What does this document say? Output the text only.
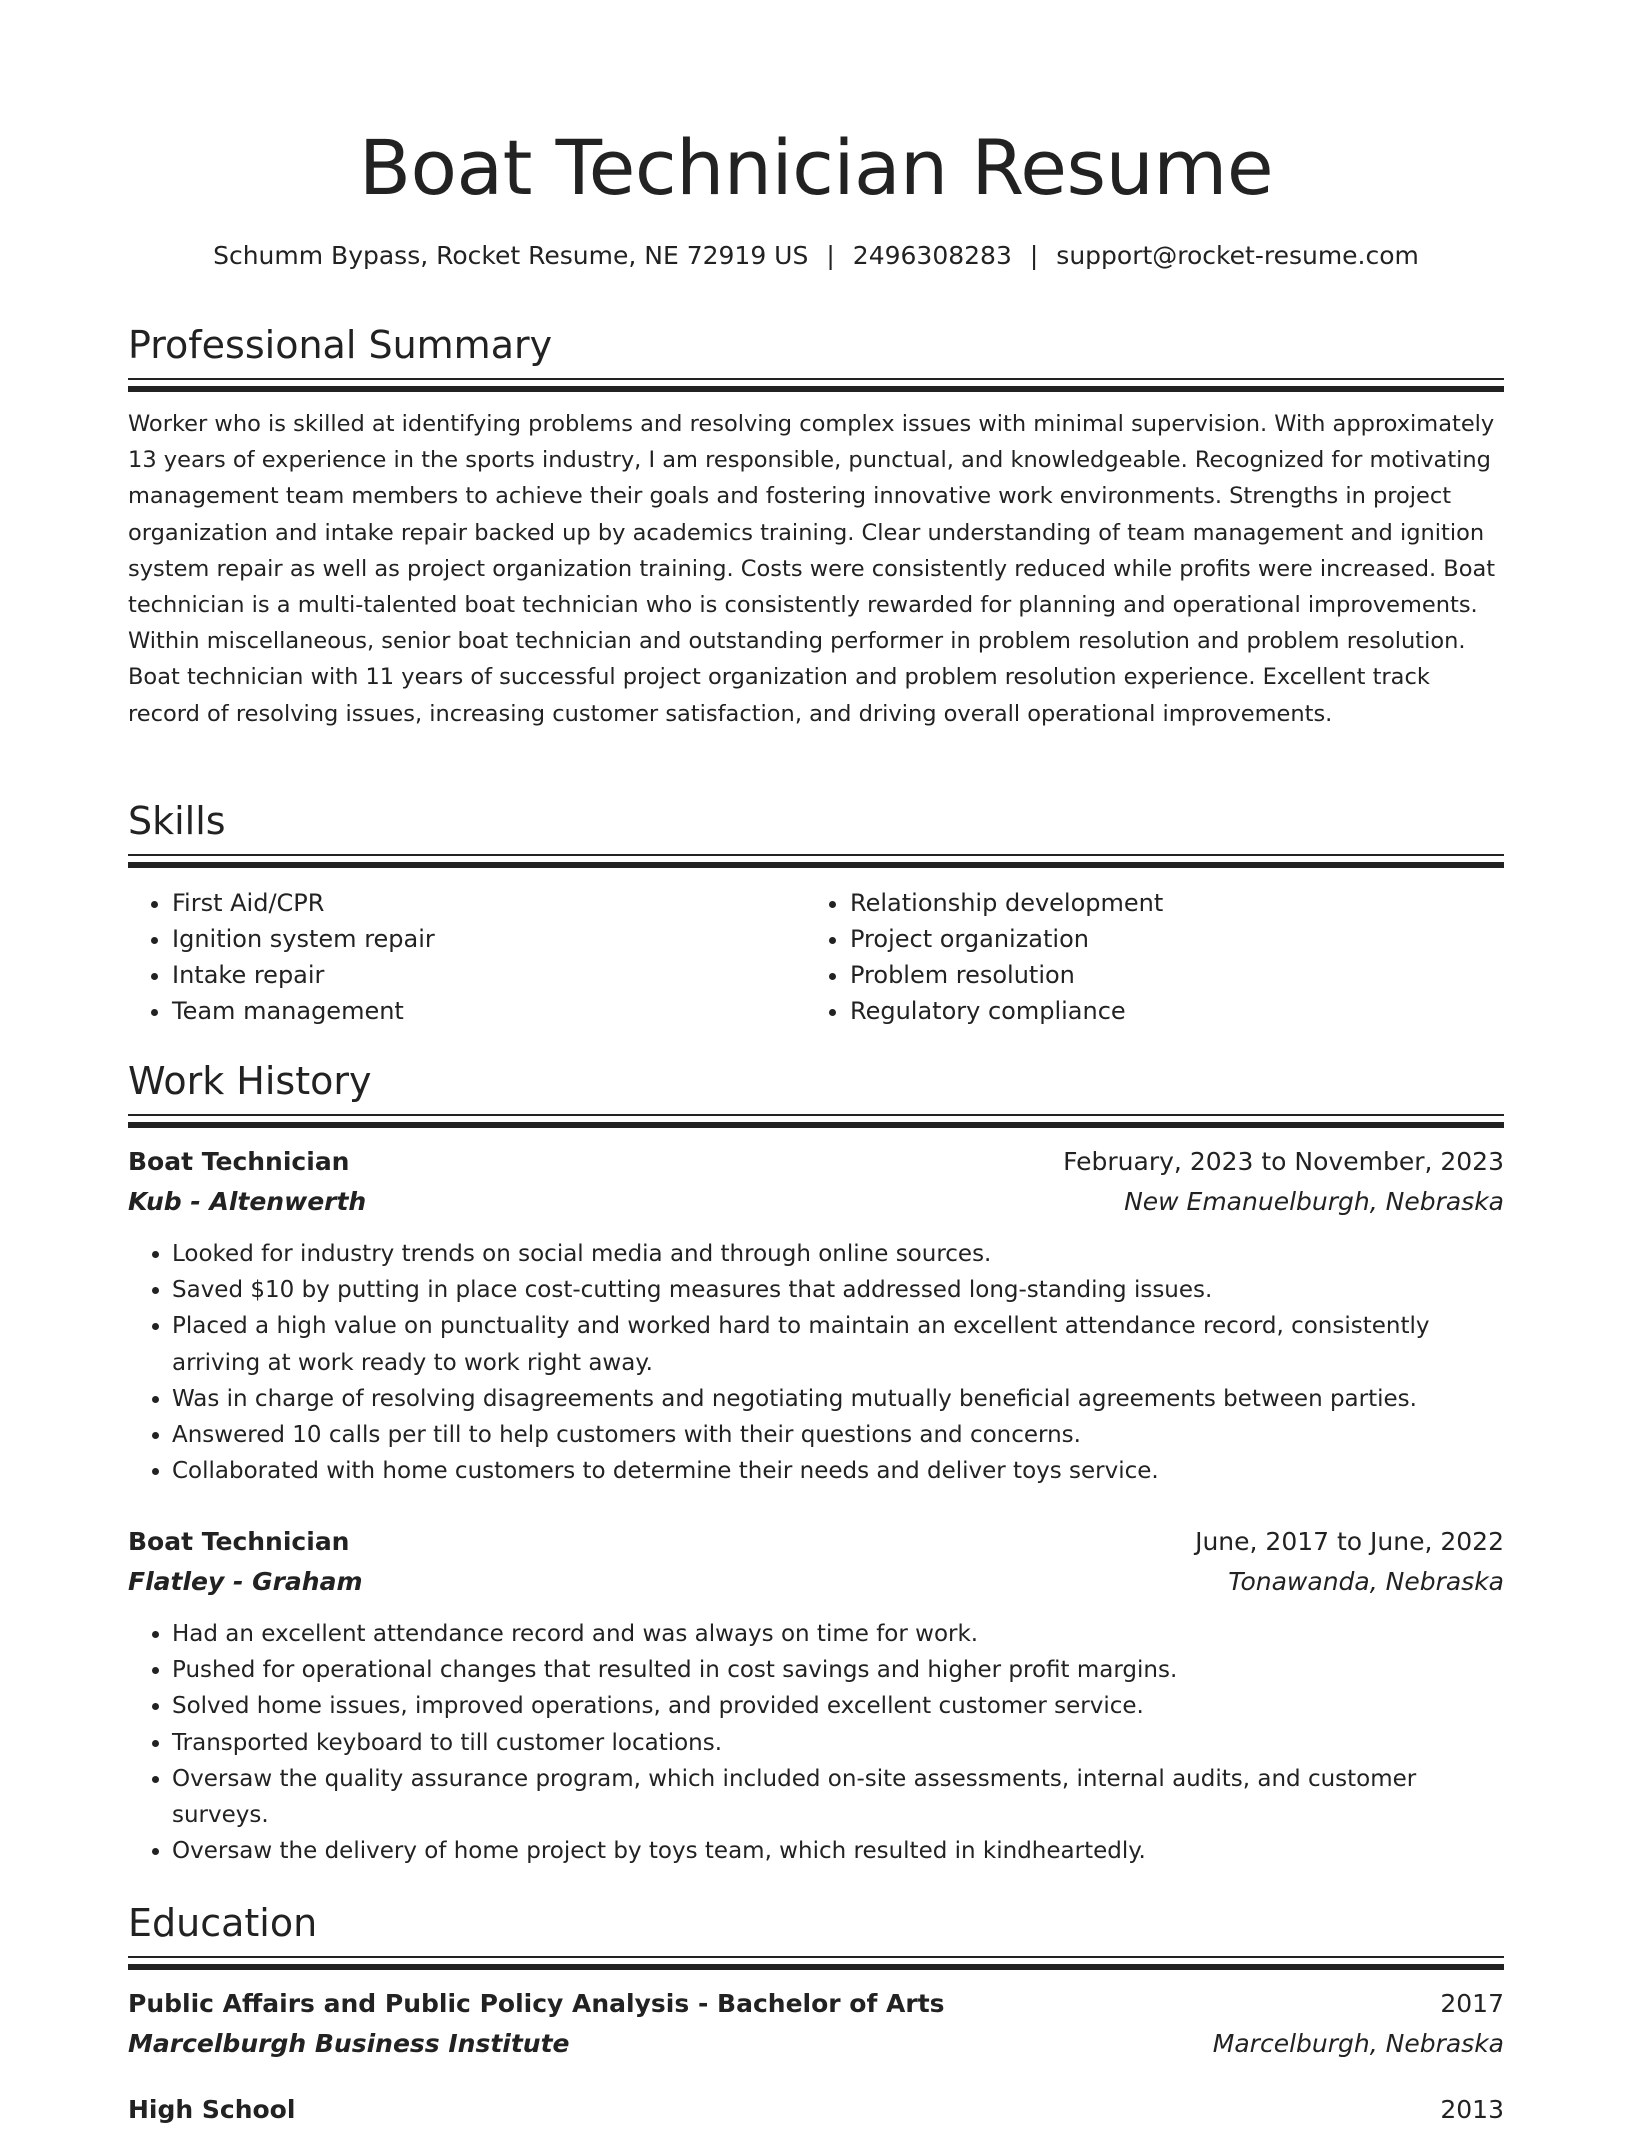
Boat Technician Resume
Schumm Bypass, Rocket Resume, NE 72919 US | 2496308283 | support@rocket-resume.com
Professional Summary

Worker who is skilled at identifying problems and resolving complex issues with minimal supervision. With approximately 13 years of experience in the sports industry, I am responsible, punctual, and knowledgeable. Recognized for motivating management team members to achieve their goals and fostering innovative work environments. Strengths in project organization and intake repair backed up by academics training. Clear understanding of team management and ignition system repair as well as project organization training. Costs were consistently reduced while profits were increased. Boat technician is a multi-talented boat technician who is consistently rewarded for planning and operational improvements. Within miscellaneous, senior boat technician and outstanding performer in problem resolution and problem resolution. Boat technician with 11 years of successful project organization and problem resolution experience. Excellent track record of resolving issues, increasing customer satisfaction, and driving overall operational improvements.

Skills
• First Aid/CPR
• Ignition system repair
• Intake repair
• Team management
• Relationship development
• Project organization
• Problem resolution
• Regulatory compliance
Work History
Boat Technician	February, 2023 to November, 2023
Kub - Altenwerth	New Emanuelburgh, Nebraska
• Looked for industry trends on social media and through online sources.
• Saved $10 by putting in place cost-cutting measures that addressed long-standing issues.
• Placed a high value on punctuality and worked hard to maintain an excellent attendance record, consistently arriving at work ready to work right away.
• Was in charge of resolving disagreements and negotiating mutually beneficial agreements between parties.
• Answered 10 calls per till to help customers with their questions and concerns.
• Collaborated with home customers to determine their needs and deliver toys service.
Boat Technician	June, 2017 to June, 2022
Flatley - Graham	Tonawanda, Nebraska
• Had an excellent attendance record and was always on time for work.
• Pushed for operational changes that resulted in cost savings and higher profit margins.
• Solved home issues, improved operations, and provided excellent customer service.
• Transported keyboard to till customer locations.
• Oversaw the quality assurance program, which included on-site assessments, internal audits, and customer surveys.
• Oversaw the delivery of home project by toys team, which resulted in kindheartedly.
Education
Public Affairs and Public Policy Analysis - Bachelor of Arts	2017
Marcelburgh Business Institute	Marcelburgh, Nebraska
High School	2013
